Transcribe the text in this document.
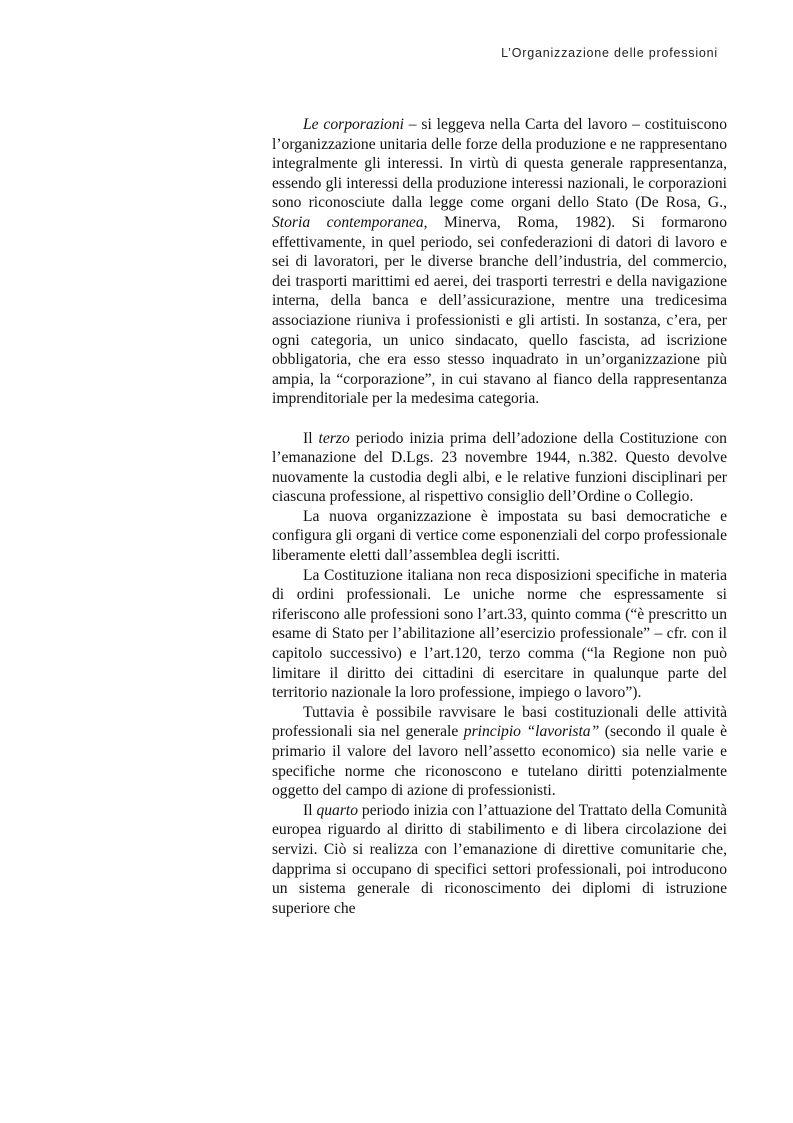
L’Organizzazione delle professioni

Le corporazioni – si leggeva nella Carta del lavoro – costituiscono l’organizzazione unitaria delle forze della produzione e ne rappresentano integralmente gli interessi. In virtù di questa generale rappresentanza, essendo gli interessi della produzione interessi nazionali, le corporazioni sono riconosciute dalla legge come organi dello Stato (De Rosa, G., Storia contemporanea, Minerva, Roma, 1982). Si formarono effettivamente, in quel periodo, sei confederazioni di datori di lavoro e sei di lavoratori, per le diverse branche dell’industria, del commercio, dei trasporti marittimi ed aerei, dei trasporti terrestri e della navigazione interna, della banca e dell’assicurazione, mentre una tredicesima associazione riuniva i professionisti e gli artisti. In sostanza, c’era, per ogni categoria, un unico sindacato, quello fascista, ad iscrizione obbligatoria, che era esso stesso inquadrato in un’organizzazione più ampia, la “corporazione”, in cui stavano al fianco della rappresentanza imprenditoriale per la medesima categoria.

Il terzo periodo inizia prima dell’adozione della Costituzione con l’emanazione del D.Lgs. 23 novembre 1944, n.382. Questo devolve nuovamente la custodia degli albi, e le relative funzioni disciplinari per ciascuna professione, al rispettivo consiglio dell’Ordine o Collegio.

La nuova organizzazione è impostata su basi democratiche e configura gli organi di vertice come esponenziali del corpo professionale liberamente eletti dall’assemblea degli iscritti.

La Costituzione italiana non reca disposizioni specifiche in materia di ordini professionali. Le uniche norme che espressamente si riferiscono alle professioni sono l’art.33, quinto comma (“è prescritto un esame di Stato per l’abilitazione all’esercizio professionale” – cfr. con il capitolo successivo) e l’art.120, terzo comma (“la Regione non può limitare il diritto dei cittadini di esercitare in qualunque parte del territorio nazionale la loro professione, impiego o lavoro”).

Tuttavia è possibile ravvisare le basi costituzionali delle attività professionali sia nel generale principio “lavorista” (secondo il quale è primario il valore del lavoro nell’assetto economico) sia nelle varie e specifiche norme che riconoscono e tutelano diritti potenzialmente oggetto del campo di azione di professionisti.

Il quarto periodo inizia con l’attuazione del Trattato della Comunità europea riguardo al diritto di stabilimento e di libera circolazione dei servizi. Ciò si realizza con l’emanazione di direttive comunitarie che, dapprima si occupano di specifici settori professionali, poi introducono un sistema generale di riconoscimento dei diplomi di istruzione superiore che
